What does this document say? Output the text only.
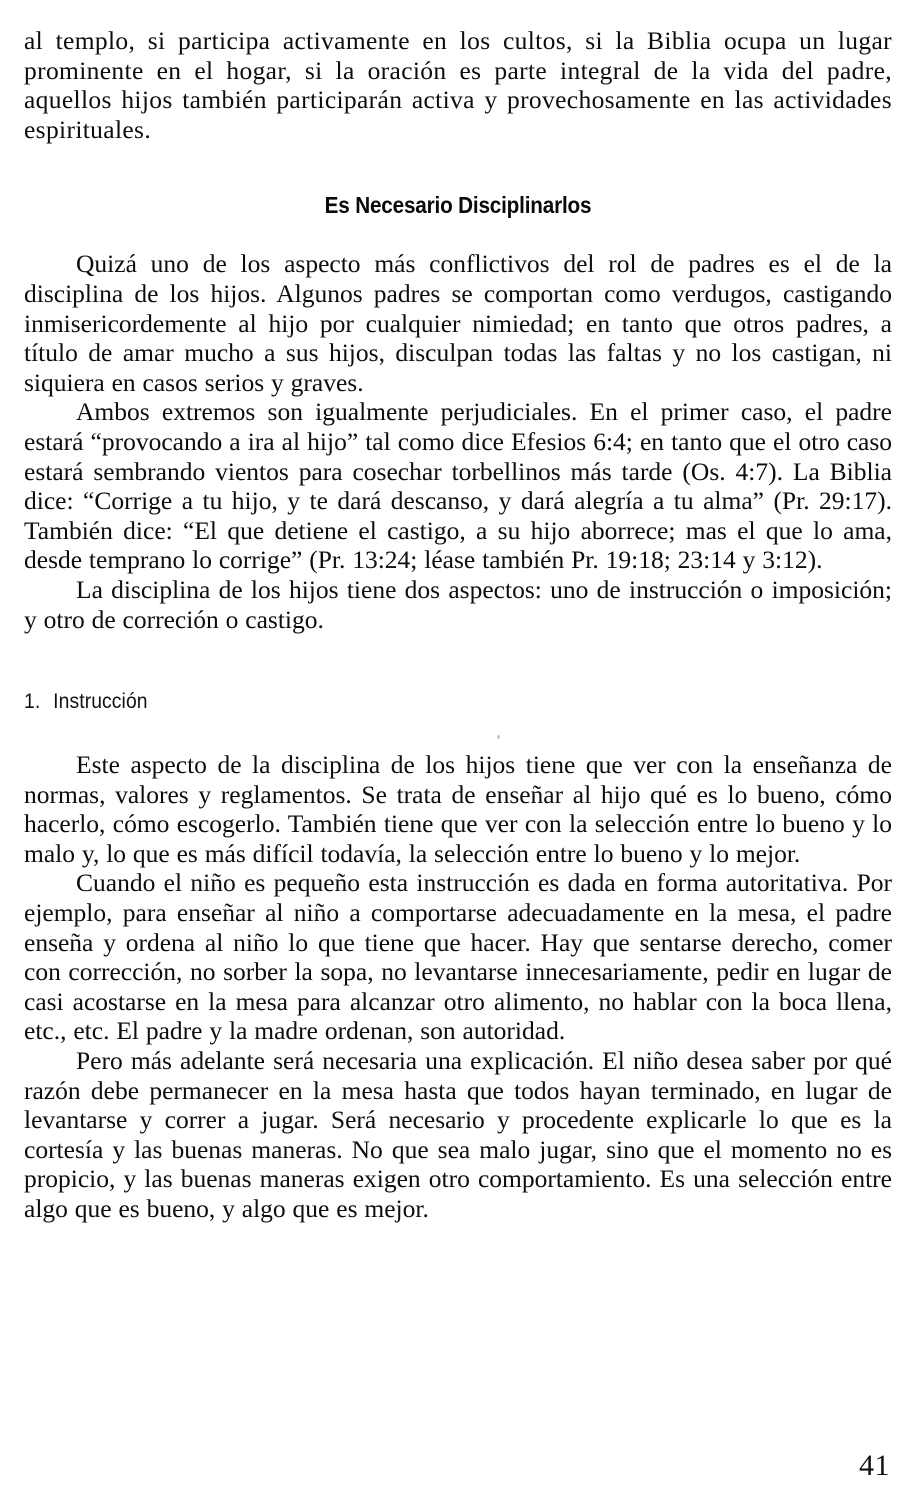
al templo, si participa activamente en los cultos, si la Biblia ocupa un lugar prominente en el hogar, si la oración es parte integral de la vida del padre, aquellos hijos también participarán activa y provechosamente en las actividades espirituales.

Es Necesario Disciplinarlos

Quizá uno de los aspecto más conflictivos del rol de padres es el de la disciplina de los hijos. Algunos padres se comportan como verdugos, castigando inmisericordemente al hijo por cualquier nimiedad; en tanto que otros padres, a título de amar mucho a sus hijos, disculpan todas las faltas y no los castigan, ni siquiera en casos serios y graves.

Ambos extremos son igualmente perjudiciales. En el primer caso, el padre estará “provocando a ira al hijo” tal como dice Efesios 6:4; en tanto que el otro caso estará sembrando vientos para cosechar torbellinos más tarde (Os. 4:7). La Biblia dice: “Corrige a tu hijo, y te dará descanso, y dará alegría a tu alma” (Pr. 29:17). También dice: “El que detiene el castigo, a su hijo aborrece; mas el que lo ama, desde temprano lo corrige” (Pr. 13:24; léase también Pr. 19:18; 23:14 y 3:12).

La disciplina de los hijos tiene dos aspectos: uno de instrucción o imposición; y otro de correción o castigo.

1. Instrucción

Este aspecto de la disciplina de los hijos tiene que ver con la enseñanza de normas, valores y reglamentos. Se trata de enseñar al hijo qué es lo bueno, cómo hacerlo, cómo escogerlo. También tiene que ver con la selección entre lo bueno y lo malo y, lo que es más difícil todavía, la selección entre lo bueno y lo mejor.

Cuando el niño es pequeño esta instrucción es dada en forma autoritativa. Por ejemplo, para enseñar al niño a comportarse adecuadamente en la mesa, el padre enseña y ordena al niño lo que tiene que hacer. Hay que sentarse derecho, comer con corrección, no sorber la sopa, no levantarse innecesariamente, pedir en lugar de casi acostarse en la mesa para alcanzar otro alimento, no hablar con la boca llena, etc., etc. El padre y la madre ordenan, son autoridad.

Pero más adelante será necesaria una explicación. El niño desea saber por qué razón debe permanecer en la mesa hasta que todos hayan terminado, en lugar de levantarse y correr a jugar. Será necesario y procedente explicarle lo que es la cortesía y las buenas maneras. No que sea malo jugar, sino que el momento no es propicio, y las buenas maneras exigen otro comportamiento. Es una selección entre algo que es bueno, y algo que es mejor.

41
